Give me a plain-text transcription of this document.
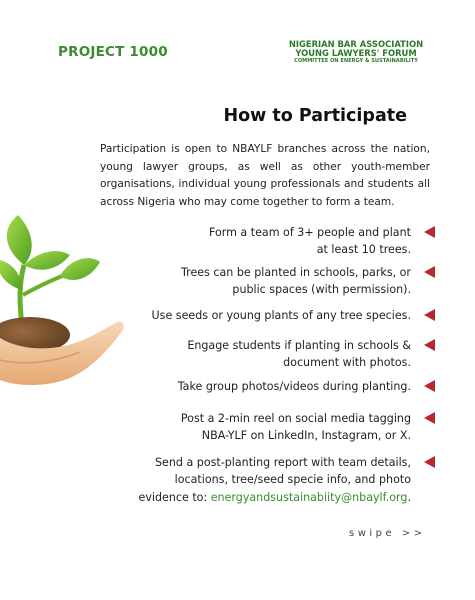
PROJECT 1000	NIGERIAN BAR ASSOCIATION
YOUNG LAWYERS' FORUM
COMMITTEE ON ENERGY & SUSTAINABILITY
How to Participate
Participation is open to NBAYLF branches across the nation, young lawyer groups, as well as other youth-member organisations, individual young professionals and students all across Nigeria who may come together to form a team.
Form a team of 3+ people and plant
at least 10 trees.
Trees can be planted in schools, parks, or
public spaces (with permission).
Use seeds or young plants of any tree species.
Engage students if planting in schools &
document with photos.
Take group photos/videos during planting.
Post a 2-min reel on social media tagging
NBA-YLF on LinkedIn, Instagram, or X.
Send a post-planting report with team details,
locations, tree/seed specie info, and photo
evidence to: energyandsustainabiity@nbaylf.org.
swipe >>
